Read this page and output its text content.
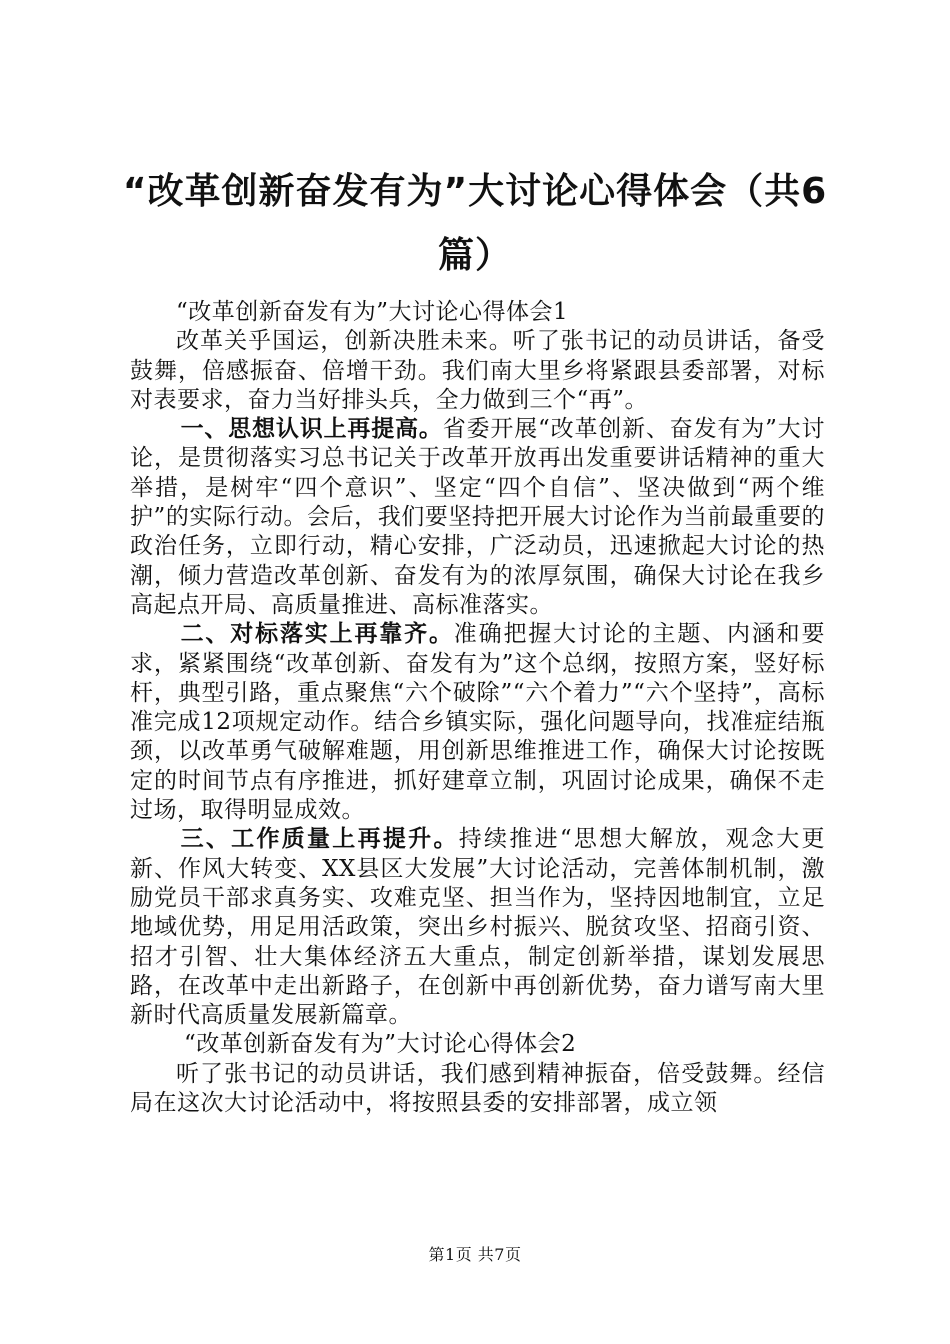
“改革创新奋发有为”大讨论心得体会（共6篇）

“改革创新奋发有为”大讨论心得体会1

改革关乎国运，创新决胜未来。听了张书记的动员讲话，备受鼓舞，倍感振奋、倍增干劲。我们南大里乡将紧跟县委部署，对标对表要求，奋力当好排头兵，全力做到三个“再”。

一、思想认识上再提高。省委开展“改革创新、奋发有为”大讨论，是贯彻落实习总书记关于改革开放再出发重要讲话精神的重大举措，是树牢“四个意识”、坚定“四个自信”、坚决做到“两个维护”的实际行动。会后，我们要坚持把开展大讨论作为当前最重要的政治任务，立即行动，精心安排，广泛动员，迅速掀起大讨论的热潮，倾力营造改革创新、奋发有为的浓厚氛围，确保大讨论在我乡高起点开局、高质量推进、高标准落实。

二、对标落实上再靠齐。准确把握大讨论的主题、内涵和要求，紧紧围绕“改革创新、奋发有为”这个总纲，按照方案，竖好标杆，典型引路，重点聚焦“六个破除”“六个着力”“六个坚持”，高标准完成12项规定动作。结合乡镇实际，强化问题导向，找准症结瓶颈，以改革勇气破解难题，用创新思维推进工作，确保大讨论按既定的时间节点有序推进，抓好建章立制，巩固讨论成果，确保不走过场，取得明显成效。

三、工作质量上再提升。持续推进“思想大解放，观念大更新、作风大转变、XX县区大发展”大讨论活动，完善体制机制，激励党员干部求真务实、攻难克坚、担当作为，坚持因地制宜，立足地域优势，用足用活政策，突出乡村振兴、脱贫攻坚、招商引资、招才引智、壮大集体经济五大重点，制定创新举措，谋划发展思路，在改革中走出新路子，在创新中再创新优势，奋力谱写南大里新时代高质量发展新篇章。

“改革创新奋发有为”大讨论心得体会2

听了张书记的动员讲话，我们感到精神振奋，倍受鼓舞。经信局在这次大讨论活动中，将按照县委的安排部署，成立领

第1页 共7页
